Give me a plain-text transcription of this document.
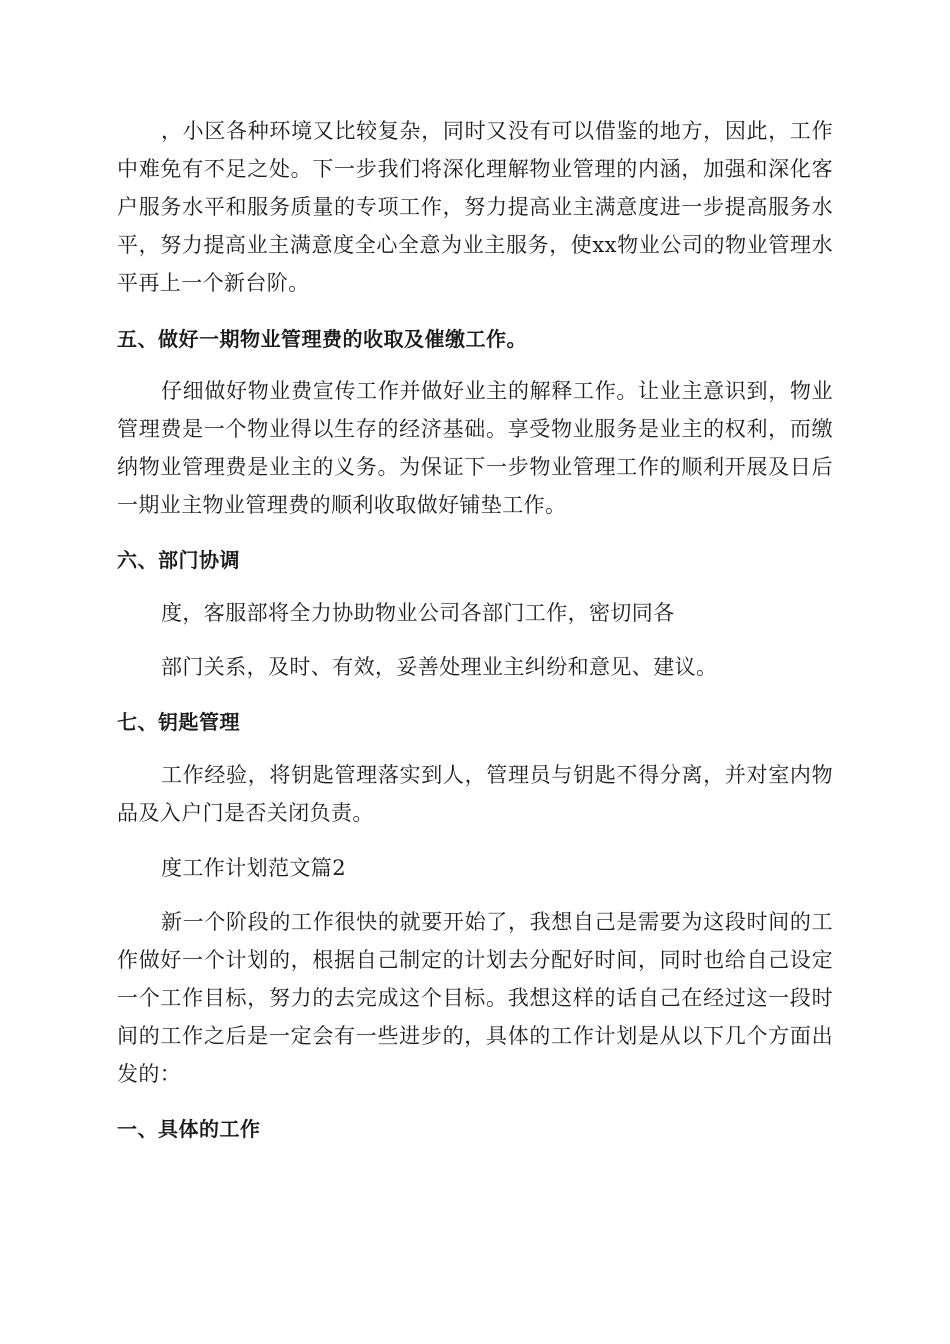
，小区各种环境又比较复杂，同时又没有可以借鉴的地方，因此，工作中难免有不足之处。下一步我们将深化理解物业管理的内涵，加强和深化客户服务水平和服务质量的专项工作，努力提高业主满意度进一步提高服务水平，努力提高业主满意度全心全意为业主服务，使xx物业公司的物业管理水平再上一个新台阶。

五、做好一期物业管理费的收取及催缴工作。

仔细做好物业费宣传工作并做好业主的解释工作。让业主意识到，物业管理费是一个物业得以生存的经济基础。享受物业服务是业主的权利，而缴纳物业管理费是业主的义务。为保证下一步物业管理工作的顺利开展及日后一期业主物业管理费的顺利收取做好铺垫工作。

六、部门协调

度，客服部将全力协助物业公司各部门工作，密切同各

部门关系，及时、有效，妥善处理业主纠纷和意见、建议。

七、钥匙管理

工作经验，将钥匙管理落实到人，管理员与钥匙不得分离，并对室内物品及入户门是否关闭负责。

度工作计划范文篇2

新一个阶段的工作很快的就要开始了，我想自己是需要为这段时间的工作做好一个计划的，根据自己制定的计划去分配好时间，同时也给自己设定一个工作目标，努力的去完成这个目标。我想这样的话自己在经过这一段时间的工作之后是一定会有一些进步的，具体的工作计划是从以下几个方面出发的：

一、具体的工作
